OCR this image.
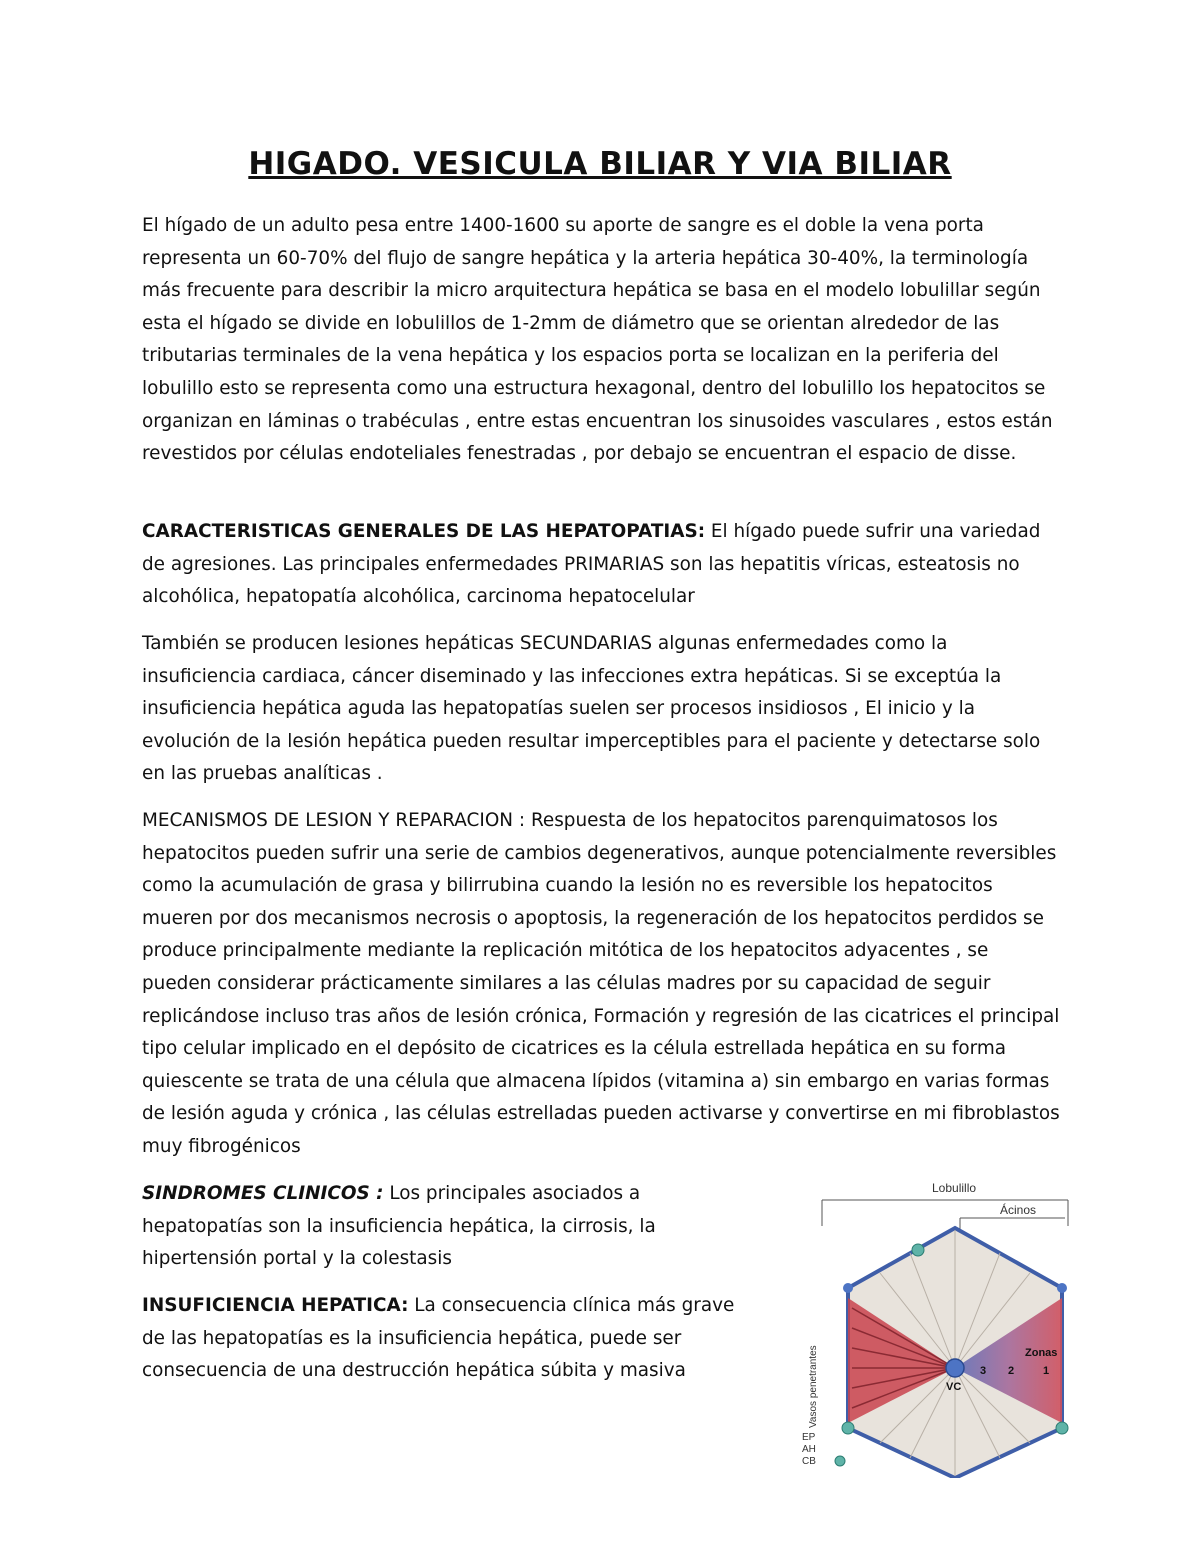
HIGADO. VESICULA BILIAR Y VIA BILIAR

El hígado de un adulto pesa entre 1400-1600 su aporte de sangre es el doble la vena porta representa un 60-70% del flujo de sangre hepática y la arteria hepática 30-40%, la terminología más frecuente para describir la micro arquitectura hepática se basa en el modelo lobulillar según esta el hígado se divide en lobulillos de 1-2mm de diámetro que se orientan alrededor de las tributarias terminales de la vena hepática y los espacios porta se localizan en la periferia del lobulillo esto se representa como una estructura hexagonal, dentro del lobulillo los hepatocitos se organizan en láminas o trabéculas , entre estas encuentran los sinusoides vasculares , estos están revestidos por células endoteliales fenestradas , por debajo se encuentran el espacio de disse.

CARACTERISTICAS GENERALES DE LAS HEPATOPATIAS: El hígado puede sufrir una variedad de agresiones. Las principales enfermedades PRIMARIAS son las hepatitis víricas, esteatosis no alcohólica, hepatopatía alcohólica, carcinoma hepatocelular

También se producen lesiones hepáticas SECUNDARIAS algunas enfermedades como la insuficiencia cardiaca, cáncer diseminado y las infecciones extra hepáticas. Si se exceptúa la insuficiencia hepática aguda las hepatopatías suelen ser procesos insidiosos , El inicio y la evolución de la lesión hepática pueden resultar imperceptibles para el paciente y detectarse solo en las pruebas analíticas .

MECANISMOS DE LESION Y REPARACION : Respuesta de los hepatocitos parenquimatosos los hepatocitos pueden sufrir una serie de cambios degenerativos, aunque potencialmente reversibles como la acumulación de grasa y bilirrubina cuando la lesión no es reversible los hepatocitos mueren por dos mecanismos necrosis o apoptosis, la regeneración de los hepatocitos perdidos se produce principalmente mediante la replicación mitótica de los hepatocitos adyacentes , se pueden considerar prácticamente similares a las células madres por su capacidad de seguir replicándose incluso tras años de lesión crónica, Formación y regresión de las cicatrices el principal tipo celular implicado en el depósito de cicatrices es la célula estrellada hepática en su forma quiescente se trata de una célula que almacena lípidos (vitamina a) sin embargo en varias formas de lesión aguda y crónica , las células estrelladas pueden activarse y convertirse en mi fibroblastos muy fibrogénicos

SINDROMES CLINICOS : Los principales asociados a hepatopatías son la insuficiencia hepática, la cirrosis, la hipertensión portal y la colestasis

INSUFICIENCIA HEPATICA: La consecuencia clínica más grave de las hepatopatías es la insuficiencia hepática, puede ser consecuencia de una destrucción hepática súbita y masiva

Lobulillo
Ácinos
VC
Zonas
3 2	1
Vasos penetrantes
EP
AH
CB
